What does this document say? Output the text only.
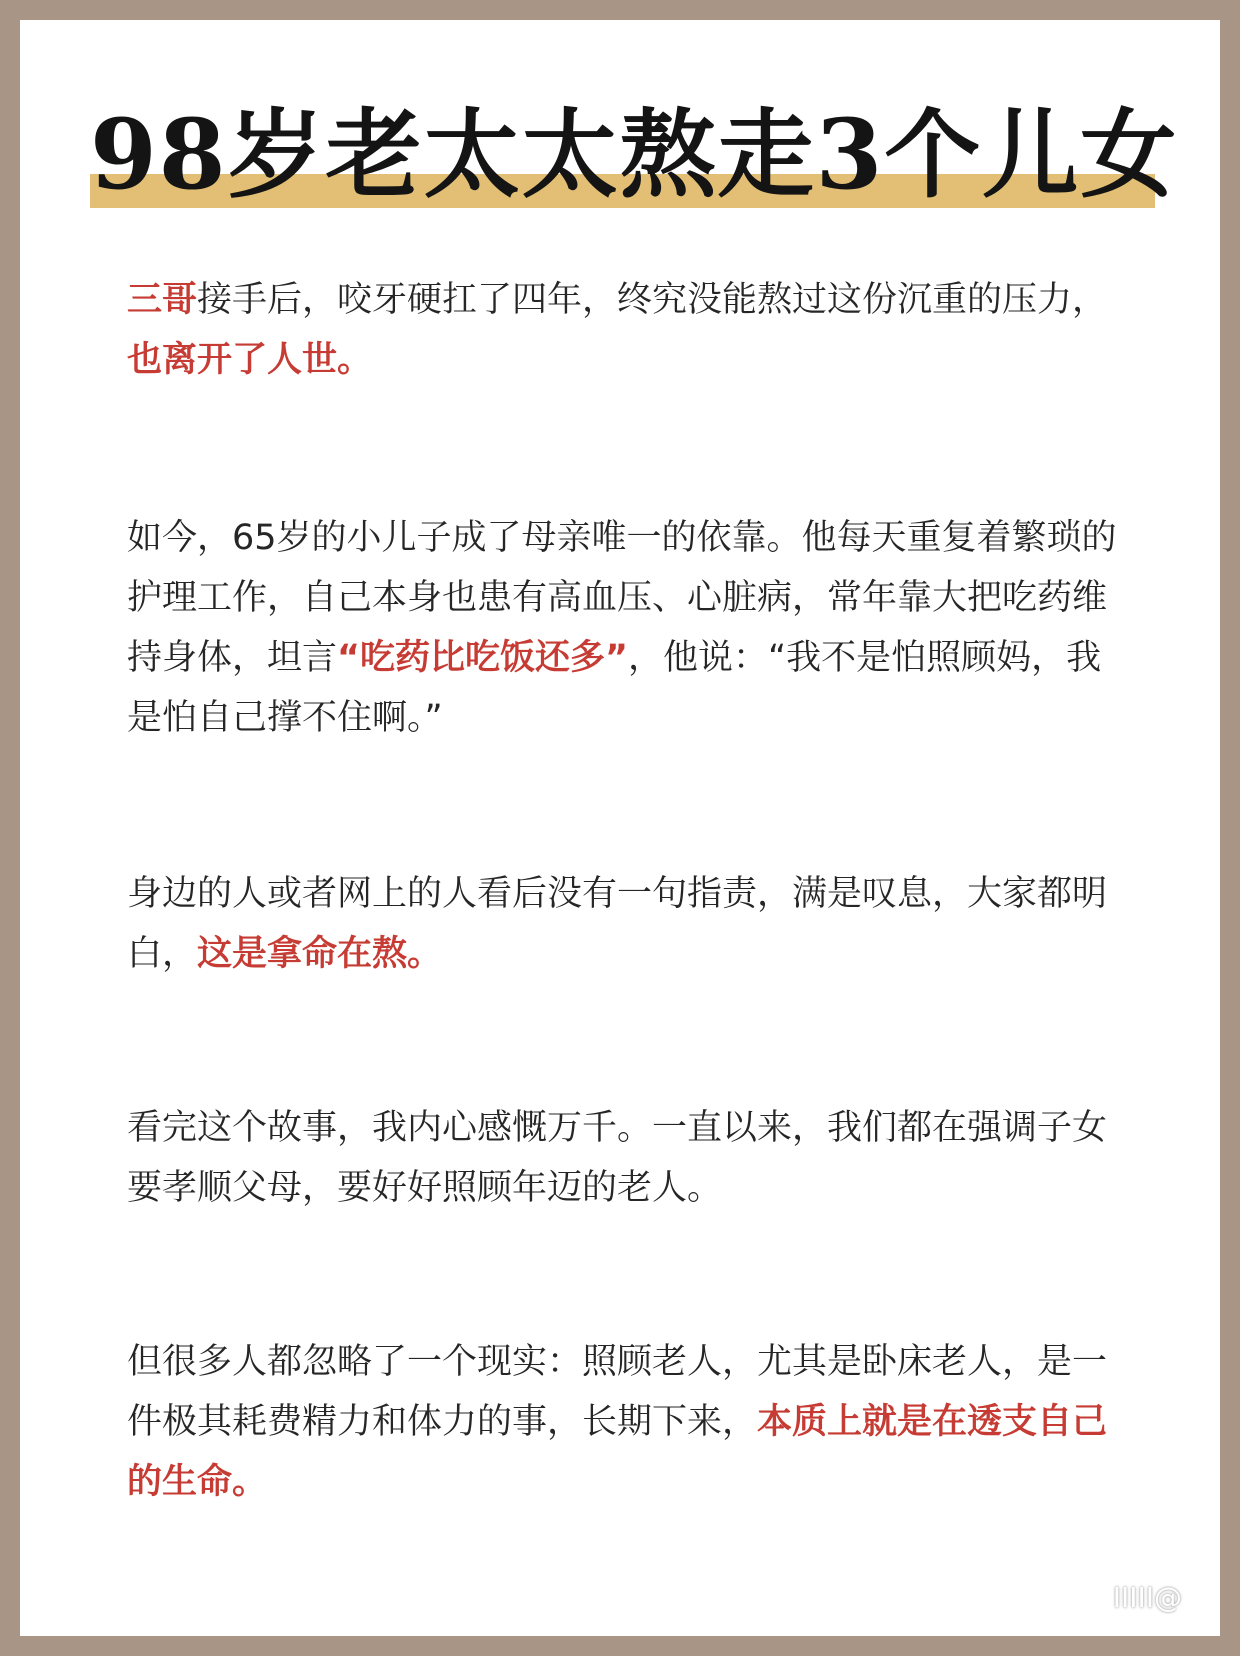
98岁老太太熬走3个儿女

三哥接手后，咬牙硬扛了四年，终究没能熬过这份沉重的压力，也离开了人世。

如今，65岁的小儿子成了母亲唯一的依靠。他每天重复着繁琐的护理工作，自己本身也患有高血压、心脏病，常年靠大把吃药维持身体，坦言“吃药比吃饭还多”，他说：“我不是怕照顾妈，我是怕自己撑不住啊。”

身边的人或者网上的人看后没有一句指责，满是叹息，大家都明白，这是拿命在熬。

看完这个故事，我内心感慨万千。一直以来，我们都在强调子女要孝顺父母，要好好照顾年迈的老人。

但很多人都忽略了一个现实：照顾老人，尤其是卧床老人，是一件极其耗费精力和体力的事，长期下来，本质上就是在透支自己的生命。

IIIII@
